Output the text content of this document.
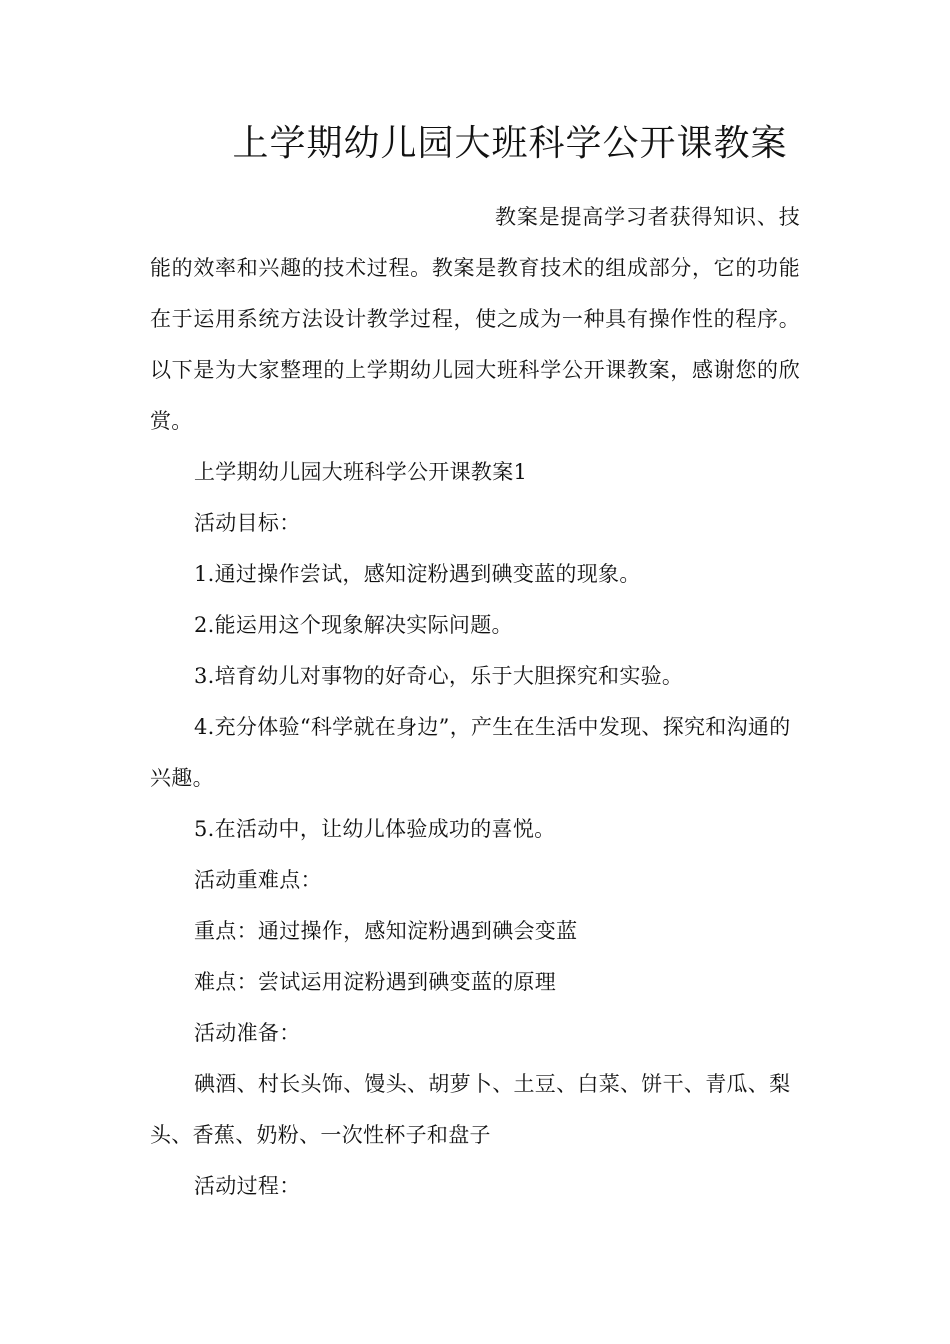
上学期幼儿园大班科学公开课教案
教案是提高学习者获得知识、技能的效率和兴趣的技术过程。教案是教育技术的组成部分，它的功能在于运用系统方法设计教学过程，使之成为一种具有操作性的程序。以下是为大家整理的上学期幼儿园大班科学公开课教案，感谢您的欣赏。
上学期幼儿园大班科学公开课教案1
活动目标：
1.通过操作尝试，感知淀粉遇到碘变蓝的现象。
2.能运用这个现象解决实际问题。
3.培育幼儿对事物的好奇心，乐于大胆探究和实验。
4.充分体验“科学就在身边”，产生在生活中发现、探究和沟通的兴趣。
5.在活动中，让幼儿体验成功的喜悦。
活动重难点：
重点：通过操作，感知淀粉遇到碘会变蓝
难点：尝试运用淀粉遇到碘变蓝的原理
活动准备：
碘酒、村长头饰、馒头、胡萝卜、土豆、白菜、饼干、青瓜、梨头、香蕉、奶粉、一次性杯子和盘子
活动过程：
